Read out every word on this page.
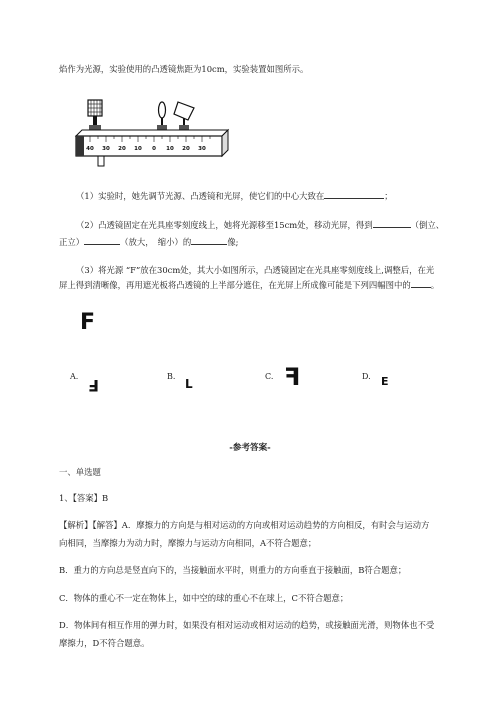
焰作为光源，实验使用的凸透镜焦距为10cm，实验装置如图所示。
40 30 20 10 0 10 20 30
（1）实验时，她先调节光源、凸透镜和光屏，使它们的中心大致在	；
（2）凸透镜固定在光具座零刻度线上，她将光源移至15cm处，移动光屏，得到	（倒立、
正立）	（放大，　缩小）的	像;
（3）将光源 “F”放在30cm处，其大小如图所示，凸透镜固定在光具座零刻度线上,调整后，在光
屏上得到清晰像，再用遮光板将凸透镜的上半部分遮住，在光屏上所成像可能是下列四幅图中的 。
F
A. F	B.
L
C. F	D. E
-参考答案-
一、单选题
1、【答案】B
【解析】【解答】A．摩擦力的方向是与相对运动的方向或相对运动趋势的方向相反，有时会与运动方
向相同，当摩擦力为动力时，摩擦力与运动方向相同，A不符合题意；
B．重力的方向总是竖直向下的，当接触面水平时，则重力的方向垂直于接触面，B符合题意；
C．物体的重心不一定在物体上，如中空的球的重心不在球上，C不符合题意；
D．物体间有相互作用的弹力时，如果没有相对运动或相对运动的趋势，或接触面光滑，则物体也不受
摩擦力，D不符合题意。
